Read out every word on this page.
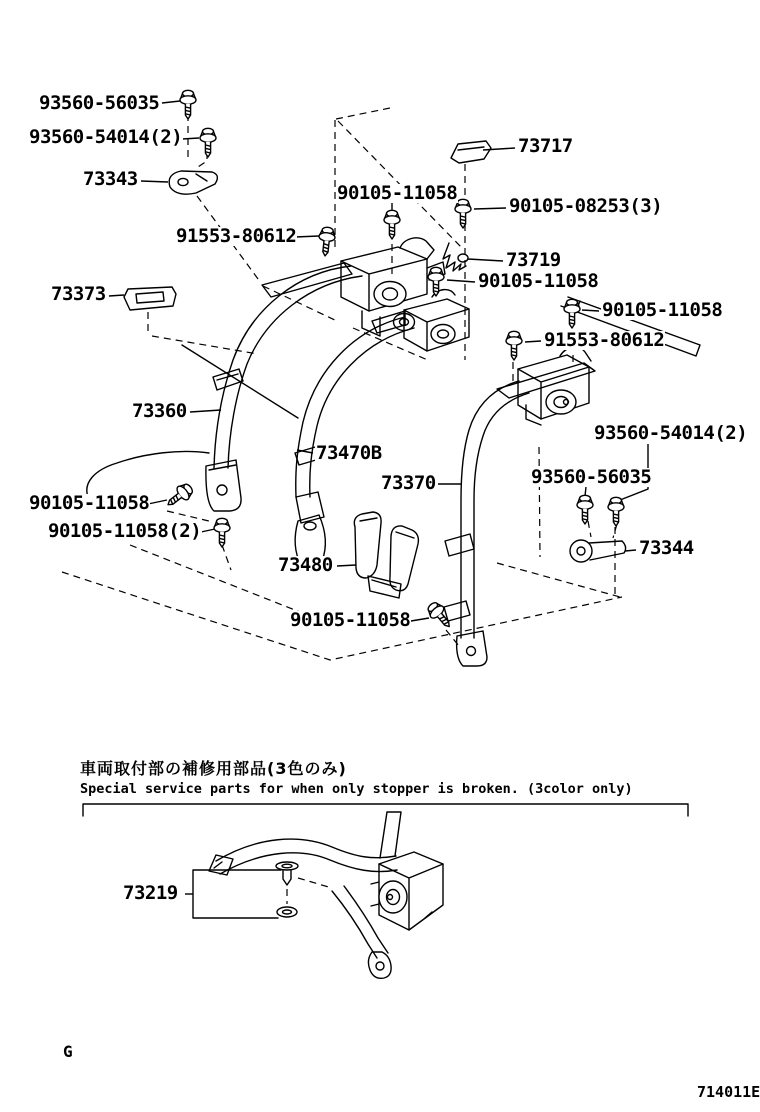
93560-56035
93560-54014(2)
73343
90105-11058
73717
90105-08253(3)
91553-80612
73719
90105-11058
90105-11058
91553-80612
73373
73360
73470B
73370
93560-54014(2)
93560-56035
73344
90105-11058
90105-11058(2)
73480
90105-11058
73219
車両取付部の補修用部品(3色のみ)
Special service parts for when only stopper is broken. (3color only)
G
714011E
